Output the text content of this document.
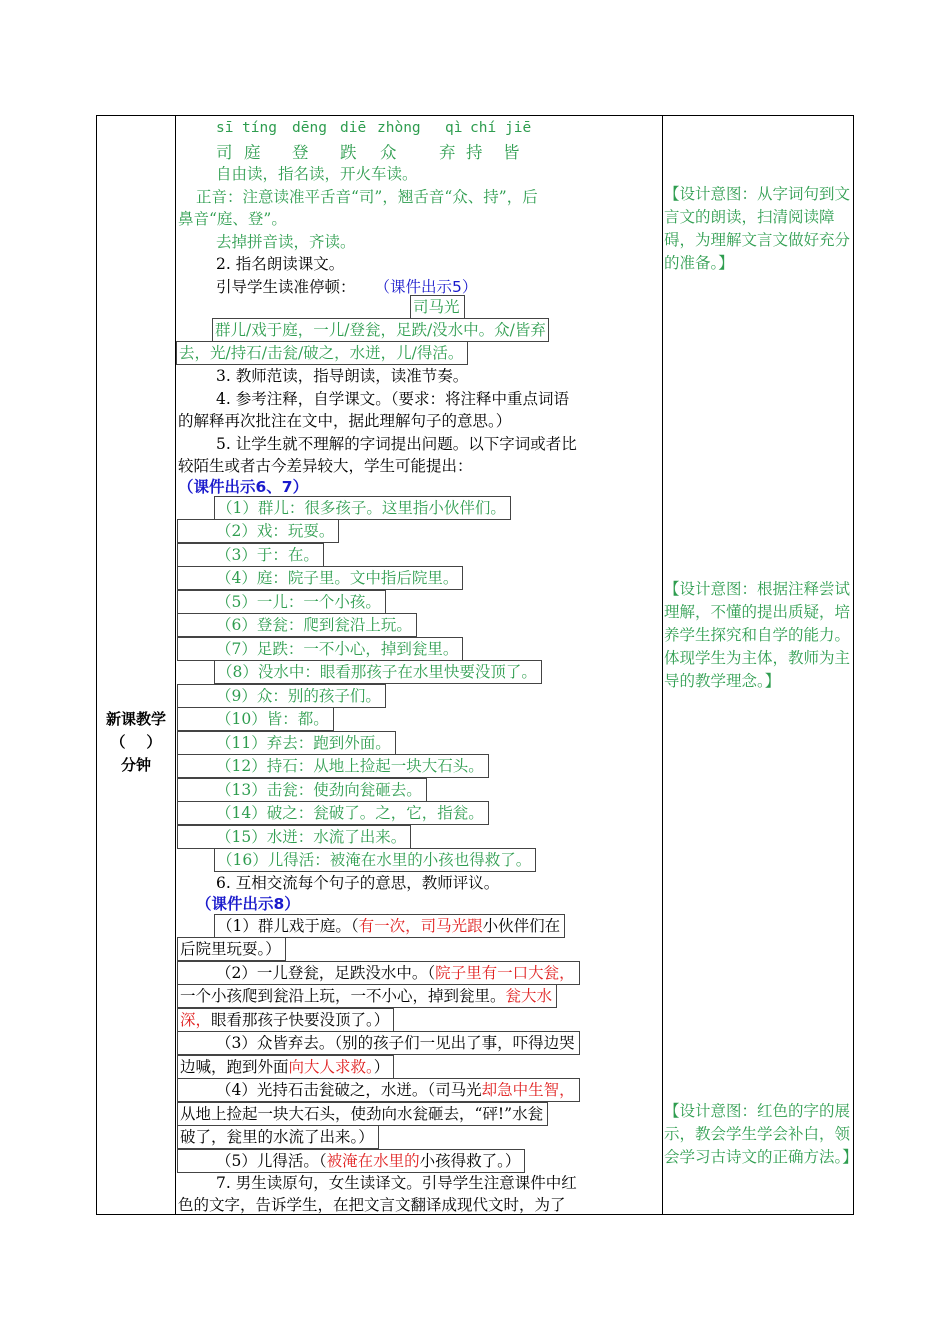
新课教学
（    ）
分钟
sī tíng dēng diē zhòng qì chí jiē
司 庭 登 跌 众	弃 持 皆
自由读，指名读，开火车读。
正音：注意读准平舌音“司”，翘舌音“众、持”，后
鼻音“庭、登”。
去掉拼音读，齐读。
2. 指名朗读课文。
引导学生读准停顿： （课件出示5）
司马光
群儿/戏于庭，一儿/登瓮，足跌/没水中。众/皆弃
去，光/持石/击瓮/破之，水迸，儿/得活。
3. 教师范读，指导朗读，读准节奏。
4. 参考注释，自学课文。（要求：将注释中重点词语
的解释再次批注在文中，据此理解句子的意思。）
5. 让学生就不理解的字词提出问题。以下字词或者比
较陌生或者古今差异较大，学生可能提出：
（课件出示6、7）
（1）群儿：很多孩子。这里指小伙伴们。
（2）戏：玩耍。
（3）于：在。
（4）庭：院子里。文中指后院里。
（5）一儿：一个小孩。
（6）登瓮：爬到瓮沿上玩。
（7）足跌：一不小心，掉到瓮里。
（8）没水中：眼看那孩子在水里快要没顶了。
（9）众：别的孩子们。
（10）皆：都。
（11）弃去：跑到外面。
（12）持石：从地上捡起一块大石头。
（13）击瓮：使劲向瓮砸去。
（14）破之：瓮破了。之，它，指瓮。
（15）水迸：水流了出来。
（16）儿得活：被淹在水里的小孩也得救了。
6. 互相交流每个句子的意思，教师评议。
（课件出示8）
（1）群儿戏于庭。（有一次，司马光跟小伙伴们在
后院里玩耍。）
（2）一儿登瓮，足跌没水中。（院子里有一口大瓮，
一个小孩爬到瓮沿上玩，一不小心，掉到瓮里。瓮大水
深，眼看那孩子快要没顶了。）
（3）众皆弃去。（别的孩子们一见出了事，吓得边哭
边喊，跑到外面向大人求救。）
（4）光持石击瓮破之，水迸。（司马光却急中生智，
从地上捡起一块大石头，使劲向水瓮砸去，“砰!”水瓮
破了，瓮里的水流了出来。）
（5）儿得活。（被淹在水里的小孩得救了。）
7. 男生读原句，女生读译文。引导学生注意课件中红
色的文字，告诉学生，在把文言文翻译成现代文时，为了
【设计意图：从字词句到文言文的朗读，扫清阅读障碍，为理解文言文做好充分的准备。】
【设计意图：根据注释尝试理解，不懂的提出质疑，培养学生探究和自学的能力。体现学生为主体，教师为主导的教学理念。】
【设计意图：红色的字的展示，教会学生学会补白，领会学习古诗文的正确方法。】
